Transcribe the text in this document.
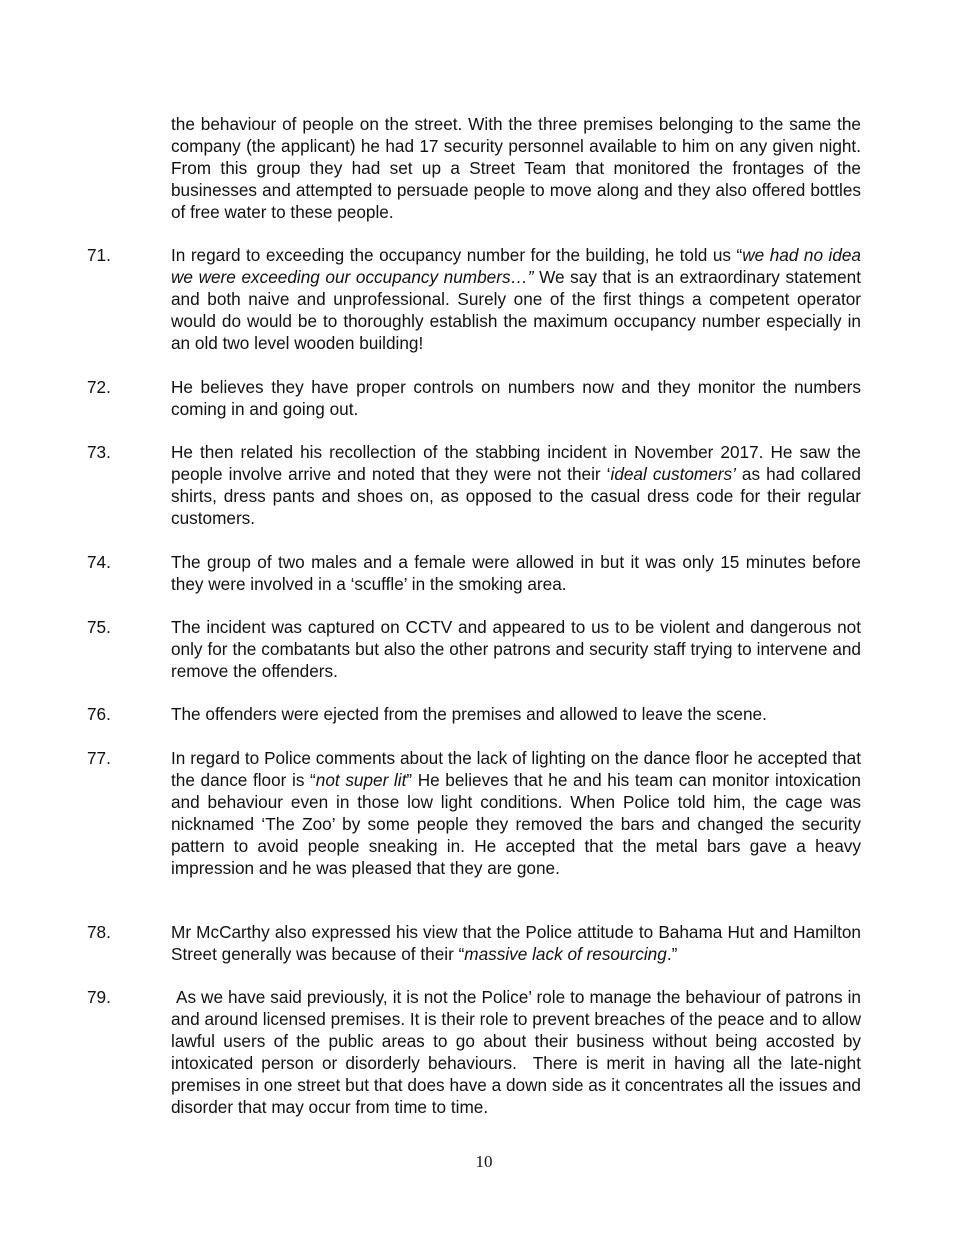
the behaviour of people on the street. With the three premises belonging to the same the company (the applicant) he had 17 security personnel available to him on any given night. From this group they had set up a Street Team that monitored the frontages of the businesses and attempted to persuade people to move along and they also offered bottles of free water to these people.
71.	In regard to exceeding the occupancy number for the building, he told us “we had no idea we were exceeding our occupancy numbers…” We say that is an extraordinary statement and both naive and unprofessional. Surely one of the first things a competent operator would do would be to thoroughly establish the maximum occupancy number especially in an old two level wooden building!
72.	He believes they have proper controls on numbers now and they monitor the numbers coming in and going out.
73.	He then related his recollection of the stabbing incident in November 2017. He saw the people involve arrive and noted that they were not their ‘ideal customers’ as had collared shirts, dress pants and shoes on, as opposed to the casual dress code for their regular customers.
74.	The group of two males and a female were allowed in but it was only 15 minutes before they were involved in a ‘scuffle’ in the smoking area.
75.	The incident was captured on CCTV and appeared to us to be violent and dangerous not only for the combatants but also the other patrons and security staff trying to intervene and remove the offenders.
76.	The offenders were ejected from the premises and allowed to leave the scene.
77.	In regard to Police comments about the lack of lighting on the dance floor he accepted that the dance floor is “not super lit” He believes that he and his team can monitor intoxication and behaviour even in those low light conditions. When Police told him, the cage was nicknamed ‘The Zoo’ by some people they removed the bars and changed the security pattern to avoid people sneaking in. He accepted that the metal bars gave a heavy impression and he was pleased that they are gone.
78.	Mr McCarthy also expressed his view that the Police attitude to Bahama Hut and Hamilton Street generally was because of their “massive lack of resourcing.”
79.	As we have said previously, it is not the Police’ role to manage the behaviour of patrons in and around licensed premises. It is their role to prevent breaches of the peace and to allow lawful users of the public areas to go about their business without being accosted by intoxicated person or disorderly behaviours.  There is merit in having all the late-night premises in one street but that does have a down side as it concentrates all the issues and disorder that may occur from time to time.
10
